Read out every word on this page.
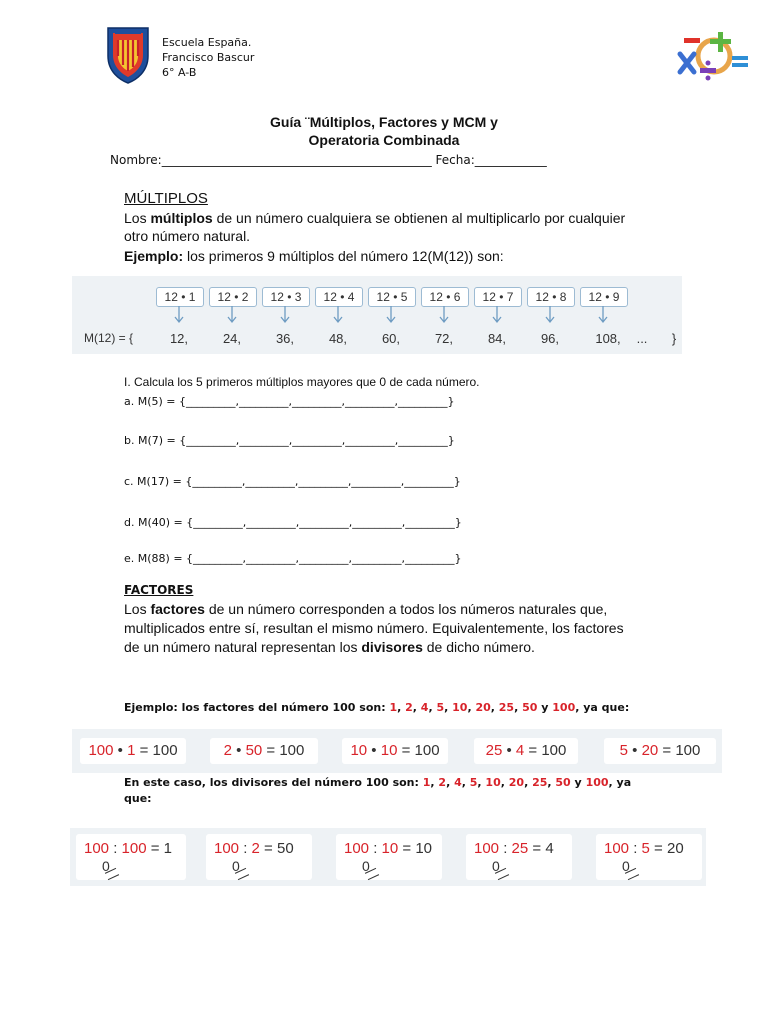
Escuela España.
Francisco Bascur
6° A-B
Guía ¨Múltiplos, Factores y MCM y
Operatoria Combinada
Nombre:_____________________________________________ Fecha:____________
MÚLTIPLOS
Los múltiplos de un número cualquiera se obtienen al multiplicarlo por cualquier otro número natural.
Ejemplo: los primeros 9 múltiplos del número 12(M(12)) son:
M(12) = {
12 • 1	12 • 2	12 • 3	12 • 4	12 • 5	12 • 6	12 • 7	12 • 8	12 • 9
12,	24,	36,	48,	60,	72,	84,	96,	108,	...	}
I. Calcula los 5 primeros múltiplos mayores que 0 de cada número.
a. M(5) = {_________,_________,_________,_________,_________}
b. M(7) = {_________,_________,_________,_________,_________}
c. M(17) = {_________,_________,_________,_________,_________}
d. M(40) = {_________,_________,_________,_________,_________}
e. M(88) = {_________,_________,_________,_________,_________}
FACTORES
Los factores de un número corresponden a todos los números naturales que, multiplicados entre sí, resultan el mismo número. Equivalentemente, los factores de un número natural representan los divisores de dicho número.
Ejemplo: los factores del número 100 son: 1, 2, 4, 5, 10, 20, 25, 50 y 100, ya que:
100 • 1 = 100	2 • 50 = 100	10 • 10 = 100	25 • 4 = 100	5 • 20 = 100
En este caso, los divisores del número 100 son: 1, 2, 4, 5, 10, 20, 25, 50 y 100, ya que:
100 : 100 = 1
0
100 : 2 = 50
0
100 : 10 = 10
0
100 : 25 = 4
0
100 : 5 = 20
0
